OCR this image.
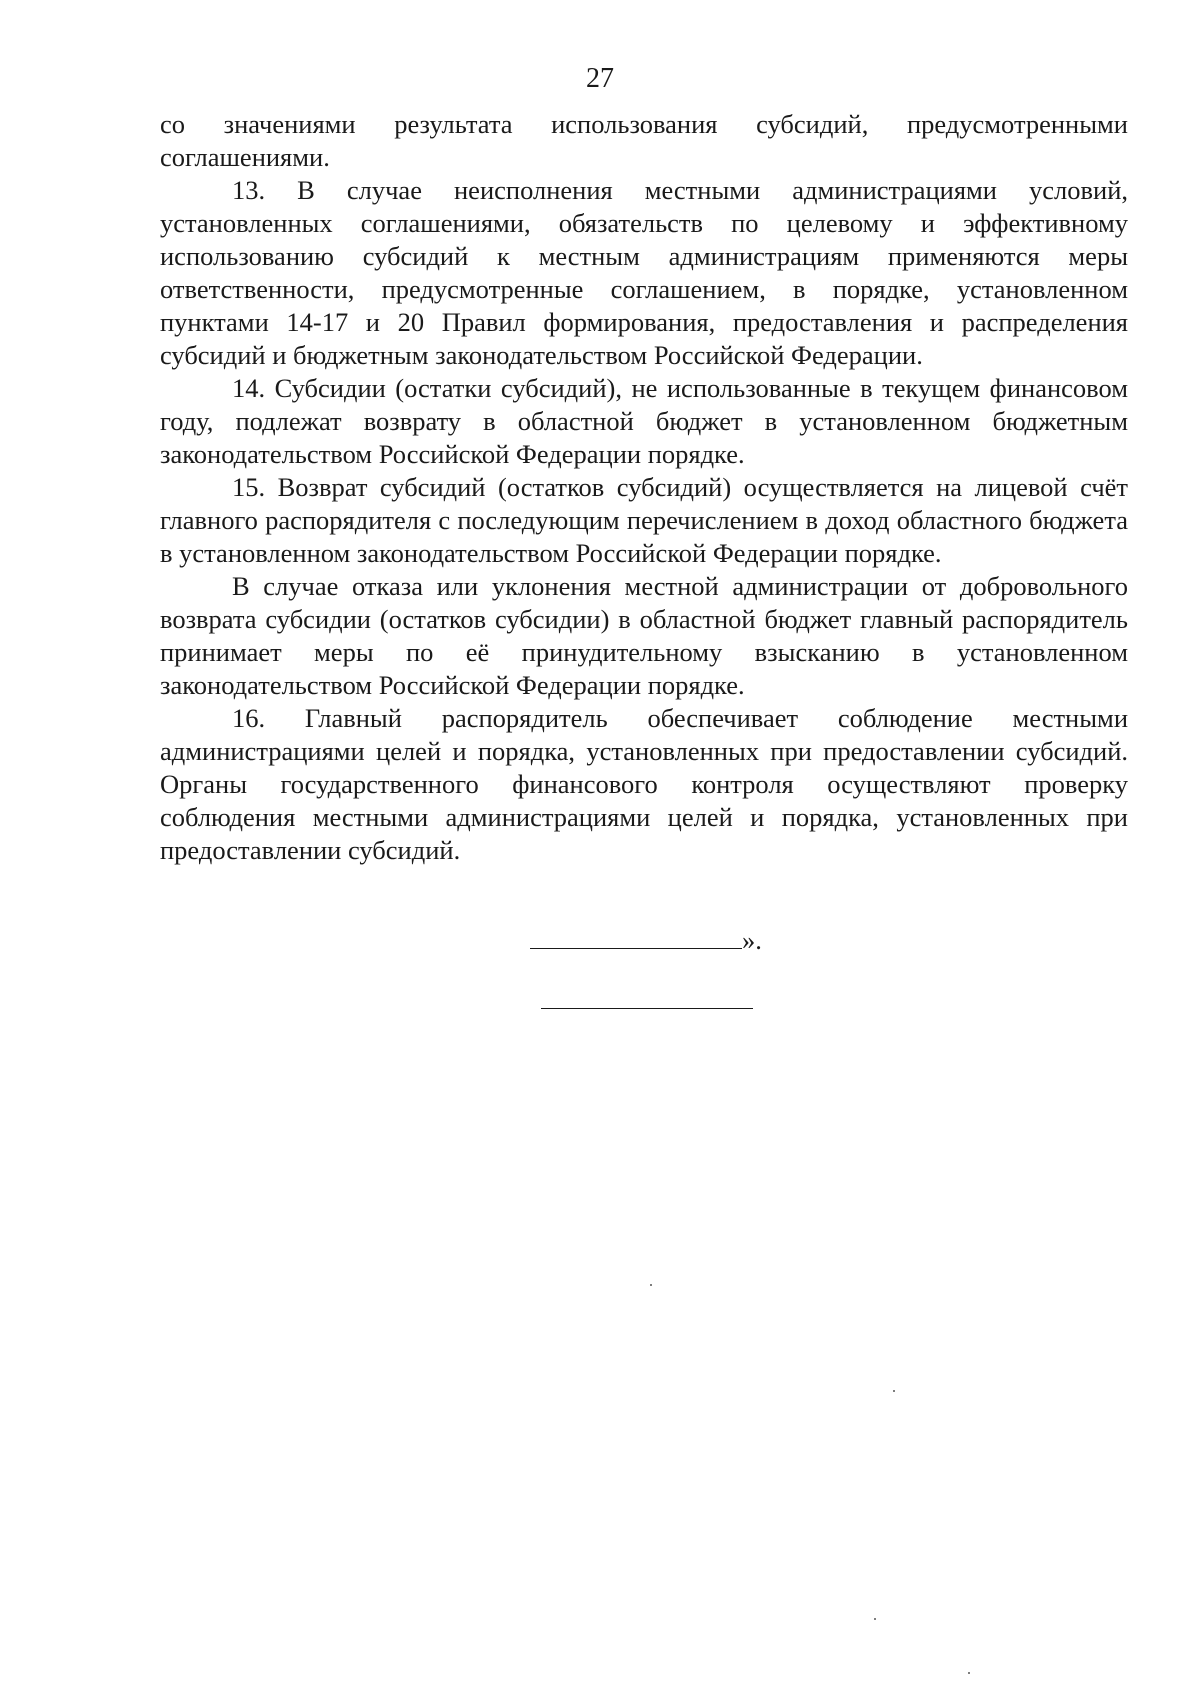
27

со значениями результата использования субсидий, предусмотренными соглашениями.

13. В случае неисполнения местными администрациями условий, установленных соглашениями, обязательств по целевому и эффективному использованию субсидий к местным администрациям применяются меры ответственности, предусмотренные соглашением, в порядке, установленном пунктами 14-17 и 20 Правил формирования, предоставления и распределения субсидий и бюджетным законодательством Российской Федерации.

14. Субсидии (остатки субсидий), не использованные в текущем финансовом году, подлежат возврату в областной бюджет в установленном бюджетным законодательством Российской Федерации порядке.

15. Возврат субсидий (остатков субсидий) осуществляется на лицевой счёт главного распорядителя с последующим перечислением в доход областного бюджета в установленном законодательством Российской Федерации порядке.

В случае отказа или уклонения местной администрации от добровольного возврата субсидии (остатков субсидии) в областной бюджет главный распорядитель принимает меры по её принудительному взысканию в установленном законодательством Российской Федерации порядке.

16. Главный распорядитель обеспечивает соблюдение местными администрациями целей и порядка, установленных при предоставлении субсидий. Органы государственного финансового контроля осуществляют проверку соблюдения местными администрациями целей и порядка, установленных при предоставлении субсидий.

».
